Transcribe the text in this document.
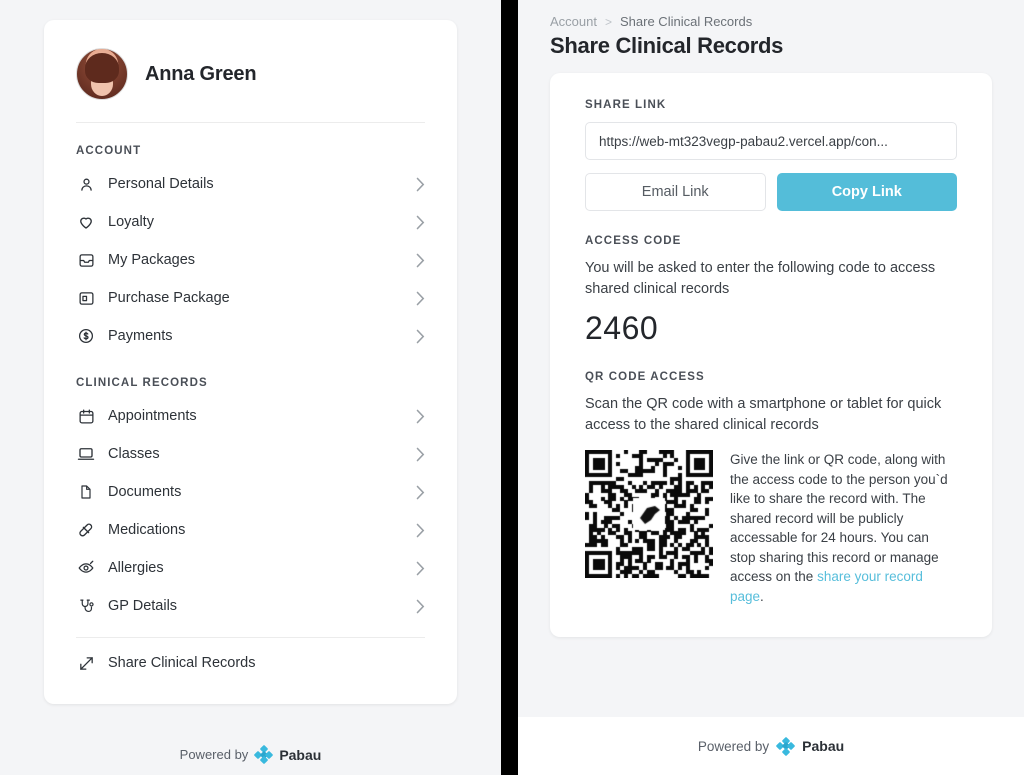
Anna Green
ACCOUNT
Personal Details
Loyalty
My Packages
Purchase Package
Payments
CLINICAL RECORDS
Appointments
Classes
Documents
Medications
Allergies
GP Details
Share Clinical Records
Powered by Pabau
Account > Share Clinical Records
Share Clinical Records
SHARE LINK
https://web-mt323vegp-pabau2.vercel.app/con...
Email Link	Copy Link
ACCESS CODE
You will be asked to enter the following code to access shared clinical records
2460
QR CODE ACCESS
Scan the QR code with a smartphone or tablet for quick access to the shared clinical records
Give the link or QR code, along with the access code to the person you`d like to share the record with. The shared record will be publicly accessable for 24 hours. You can stop sharing this record or manage access on the share your record page.
Powered by Pabau
